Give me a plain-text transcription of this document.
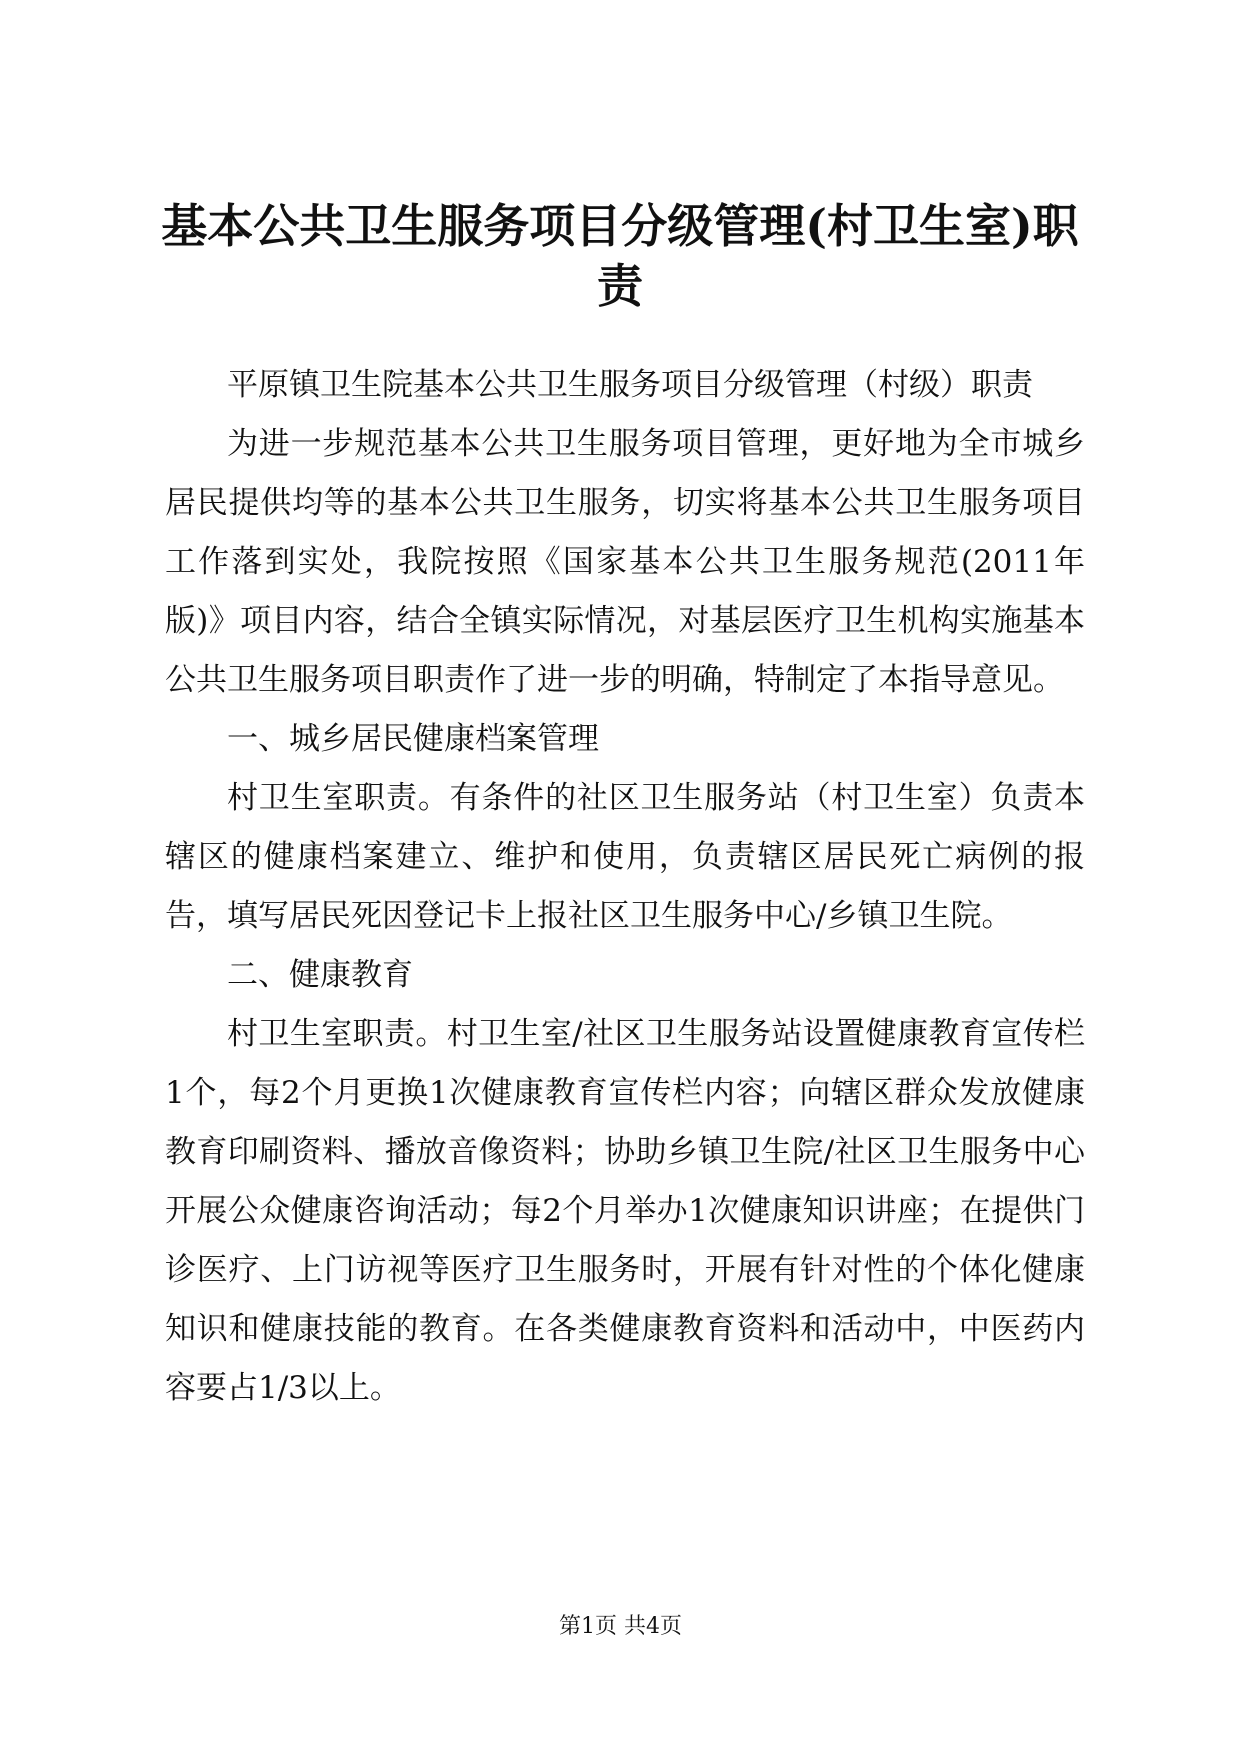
基本公共卫生服务项目分级管理(村卫生室)职责

平原镇卫生院基本公共卫生服务项目分级管理（村级）职责

为进一步规范基本公共卫生服务项目管理，更好地为全市城乡居民提供均等的基本公共卫生服务，切实将基本公共卫生服务项目工作落到实处，我院按照《国家基本公共卫生服务规范(2011年版)》项目内容，结合全镇实际情况，对基层医疗卫生机构实施基本公共卫生服务项目职责作了进一步的明确，特制定了本指导意见。

一、城乡居民健康档案管理

村卫生室职责。有条件的社区卫生服务站（村卫生室）负责本辖区的健康档案建立、维护和使用，负责辖区居民死亡病例的报告，填写居民死因登记卡上报社区卫生服务中心/乡镇卫生院。

二、健康教育

村卫生室职责。村卫生室/社区卫生服务站设置健康教育宣传栏1个，每2个月更换1次健康教育宣传栏内容；向辖区群众发放健康教育印刷资料、播放音像资料；协助乡镇卫生院/社区卫生服务中心开展公众健康咨询活动；每2个月举办1次健康知识讲座；在提供门诊医疗、上门访视等医疗卫生服务时，开展有针对性的个体化健康知识和健康技能的教育。在各类健康教育资料和活动中，中医药内容要占1/3以上。

第1页 共4页
